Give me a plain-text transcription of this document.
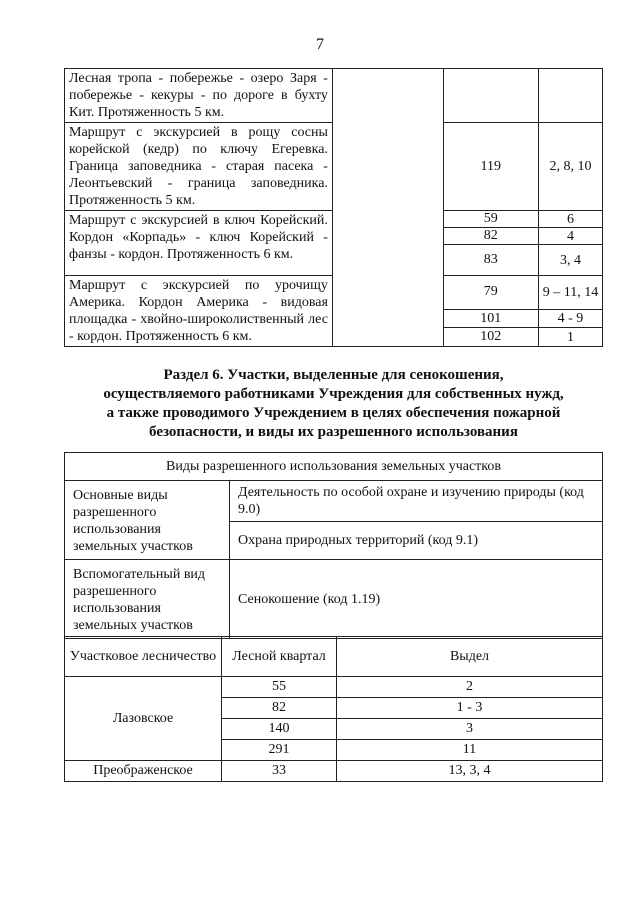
7
Лесная тропа - побережье - озеро Заря - побережье - кекуры - по дороге в бухту Кит. Протяженность 5 км.			
Маршрут с экскурсией в рощу сосны корейской (кедр) по ключу Егеревка. Граница заповедника - старая пасека - Леонтьевский - граница заповедника. Протяженность 5 км.		119	2, 8, 10
Маршрут с экскурсией в ключ Корейский. Кордон «Корпадь» - ключ Корейский - фанзы - кордон. Протяженность 6 км.		59	6
		82	4
		83	3, 4
Маршрут с экскурсией по урочищу Америка. Кордон Америка - видовая площадка - хвойно-широколиственный лес - кордон. Протяженность 6 км.		79	9 – 11, 14
		101	4 - 9
		102	1
Раздел 6. Участки, выделенные для сенокошения,
осуществляемого работниками Учреждения для собственных нужд,
а также проводимого Учреждением в целях обеспечения пожарной
безопасности, и виды их разрешенного использования
Виды разрешенного использования земельных участков	
Основные виды разрешенного использования земельных участков	Деятельность по особой охране и изучению природы (код 9.0)
	Охрана природных территорий (код 9.1)
Вспомогательный вид разрешенного использования земельных участков	Сенокошение (код 1.19)
Участковое лесничество	Лесной квартал	Выдел
Лазовское	55	2
	82	1 - 3
	140	3
	291	11
Преображенское	33	13, 3, 4
